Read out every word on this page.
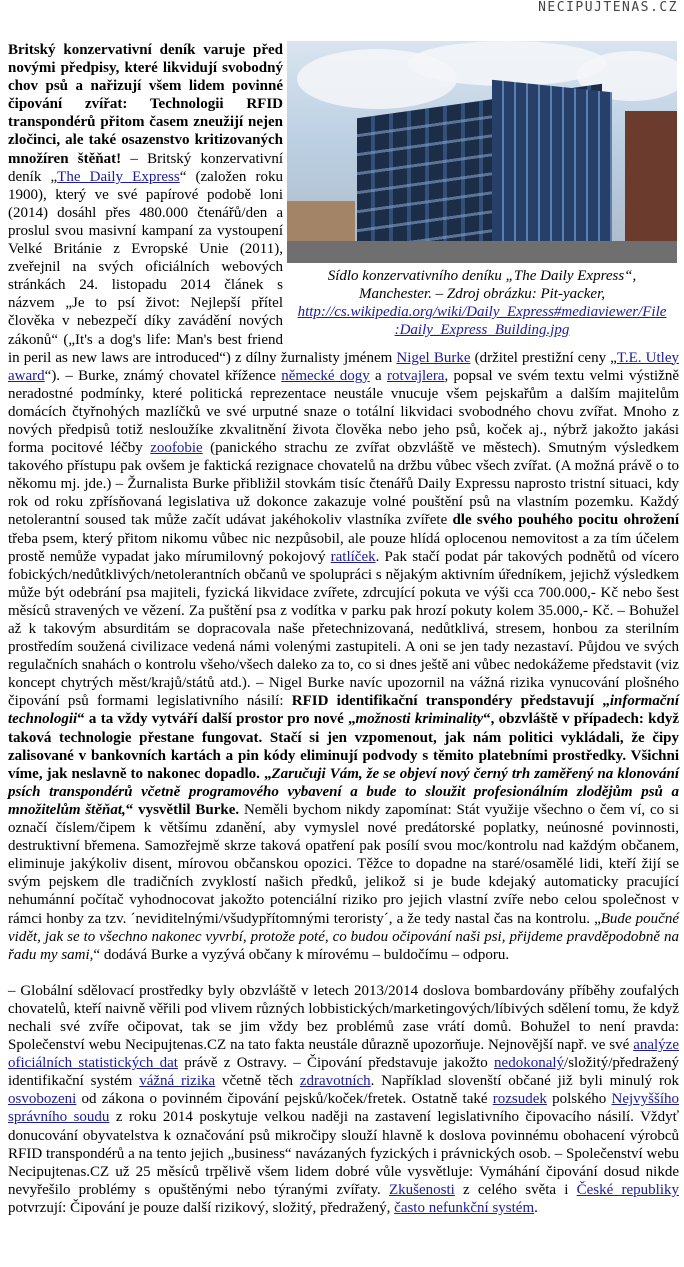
NECIPUJTENAS.CZ
Sídlo konzervativního deníku „The Daily Express“,
Manchester. – Zdroj obrázku: Pit-yacker,
http://cs.wikipedia.org/wiki/Daily_Express#mediaviewer/File
:Daily_Express_Building.jpg

Britský konzervativní deník varuje před novými předpisy, které likvidují svobodný chov psů a nařizují všem lidem povinné čipování zvířat: Technologii RFID transpondérů přitom časem zneužijí nejen zločinci, ale také osazenstvo kritizovaných množíren štěňat! – Britský konzervativní deník „The Daily Express“ (založen roku 1900), který ve své papírové podobě loni (2014) dosáhl přes 480.000 čtenářů/den a proslul svou masivní kampaní za vystoupení Velké Británie z Evropské Unie (2011), zveřejnil na svých oficiálních webových stránkách 24. listopadu 2014 článek s názvem „Je to psí život: Nejlepší přítel člověka v nebezpečí díky zavádění nových zákonů“ („It's a dog's life: Man's best friend in peril as new laws are introduced“) z dílny žurnalisty jménem Nigel Burke (držitel prestižní ceny „T.E. Utley award“). – Burke, známý chovatel křížence německé dogy a rotvajlera, popsal ve svém textu velmi výstižně neradostné podmínky, které politická reprezentace neustále vnucuje všem pejskařům a dalším majitelům domácích čtyřnohých mazlíčků ve své urputné snaze o totální likvidaci svobodného chovu zvířat. Mnoho z nových předpisů totiž nesloužíke zkvalitnění života člověka nebo jeho psů, koček aj., nýbrž jakožto jakási forma pocitové léčby zoofobie (panického strachu ze zvířat obzvláště ve městech). Smutným výsledkem takového přístupu pak ovšem je faktická rezignace chovatelů na držbu vůbec všech zvířat. (A možná právě o to někomu mj. jde.) – Žurnalista Burke přibližil stovkám tisíc čtenářů Daily Expressu naprosto tristní situaci, kdy rok od roku zpřísňovaná legislativa už dokonce zakazuje volné pouštění psů na vlastním pozemku. Každý netolerantní soused tak může začít udávat jakéhokoliv vlastníka zvířete dle svého pouhého pocitu ohrožení třeba psem, který přitom nikomu vůbec nic nezpůsobil, ale pouze hlídá oplocenou nemovitost a za tím účelem prostě nemůže vypadat jako mírumilovný pokojový ratlíček. Pak stačí podat pár takových podnětů od vícero fobických/nedůtklivých/netolerantních občanů ve spolupráci s nějakým aktivním úředníkem, jejichž výsledkem může být odebrání psa majiteli, fyzická likvidace zvířete, zdrcující pokuta ve výši cca 700.000,- Kč nebo šest měsíců stravených ve vězení. Za puštění psa z vodítka v parku pak hrozí pokuty kolem 35.000,- Kč. – Bohužel až k takovým absurditám se dopracovala naše přetechnizovaná, nedůtklivá, stresem, honbou za sterilním prostředím soužená civilizace vedená námi volenými zastupiteli. A oni se jen tady nezastaví. Půjdou ve svých regulačních snahách o kontrolu všeho/všech daleko za to, co si dnes ještě ani vůbec nedokážeme představit (viz koncept chytrých měst/krajů/států atd.). – Nigel Burke navíc upozornil na vážná rizika vynucování plošného čipování psů formami legislativního násilí: RFID identifikační transpondéry představují „informační technologii“ a ta vždy vytváří další prostor pro nové „možnosti kriminality“, obzvláště v případech: když taková technologie přestane fungovat. Stačí si jen vzpomenout, jak nám politici vykládali, že čipy zalisované v bankovních kartách a pin kódy eliminují podvody s těmito platebními prostředky. Všichni víme, jak neslavně to nakonec dopadlo. „Zaručuji Vám, že se objeví nový černý trh zaměřený na klonování psích transpondérů včetně programového vybavení a bude to sloužit profesionálním zlodějům psů a množitelům štěňat,“ vysvětlil Burke. Neměli bychom nikdy zapomínat: Stát využije všechno o čem ví, co si označí číslem/čipem k většímu zdanění, aby vymyslel nové predátorské poplatky, neúnosné povinnosti, destruktivní břemena. Samozřejmě skrze taková opatření pak posílí svou moc/kontrolu nad každým občanem, eliminuje jakýkoliv disent, mírovou občanskou opozici. Těžce to dopadne na staré/osamělé lidi, kteří žijí se svým pejskem dle tradičních zvyklostí našich předků, jelikož si je bude kdejaký automaticky pracující nehumánní počítač vyhodnocovat jakožto potenciální riziko pro jejich vlastní zvíře nebo celou společnost v rámci honby za tzv. ´neviditelnými/všudypřítomnými teroristy´, a že tedy nastal čas na kontrolu. „Bude poučné vidět, jak se to všechno nakonec vyvrbí, protože poté, co budou očipování naši psi, přijdeme pravděpodobně na řadu my sami,“ dodává Burke a vyzývá občany k mírovému – buldočímu – odporu.

– Globální sdělovací prostředky byly obzvláště v letech 2013/2014 doslova bombardovány příběhy zoufalých chovatelů, kteří naivně věřili pod vlivem různých lobbistických/marketingových/líbivých sdělení tomu, že když nechali své zvíře očipovat, tak se jim vždy bez problémů zase vrátí domů. Bohužel to není pravda: Společenství webu Necipujtenas.CZ na tato fakta neustále důrazně upozorňuje. Nejnovější např. ve své analýze oficiálních statistických dat právě z Ostravy. – Čipování představuje jakožto nedokonalý/složitý/předražený identifikační systém vážná rizika včetně těch zdravotních. Například slovenští občané již byli minulý rok osvobozeni od zákona o povinném čipování pejsků/koček/fretek. Ostatně také rozsudek polského Nejvyššího správního soudu z roku 2014 poskytuje velkou naději na zastavení legislativního čipovacího násilí. Vždyť donucování obyvatelstva k označování psů mikročipy slouží hlavně k doslova povinnému obohacení výrobců RFID transpondérů a na tento jejich „business“ navázaných fyzických i právnických osob. – Společenství webu Necipujtenas.CZ už 25 měsíců trpělivě všem lidem dobré vůle vysvětluje: Vymáhání čipování dosud nikde nevyřešilo problémy s opuštěnými nebo týranými zvířaty. Zkušenosti z celého světa i České republiky potvrzují: Čipování je pouze další rizikový, složitý, předražený, často nefunkční systém.
